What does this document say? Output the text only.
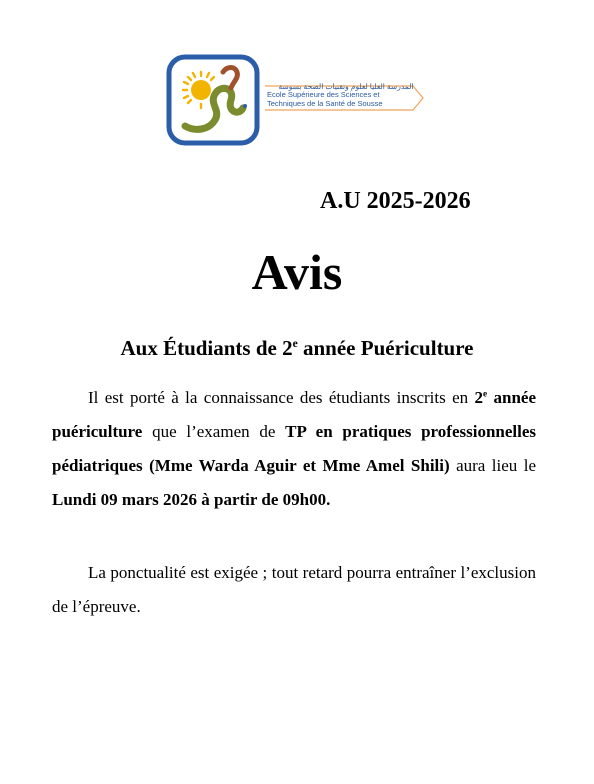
المدرسة العليا لعلوم وتقنيات الصحة بسوسة
Ecole Supérieure des Sciences et
Techniques de la Santé de Sousse
A.U 2025-2026
Avis
Aux Étudiants de 2e année Puériculture
Il est porté à la connaissance des étudiants inscrits en 2e année puériculture que l’examen de TP en pratiques professionnelles pédiatriques (Mme Warda Aguir et Mme Amel Shili) aura lieu le Lundi 09 mars 2026 à partir de 09h00.
La ponctualité est exigée ; tout retard pourra entraîner l’exclusion de l’épreuve.
